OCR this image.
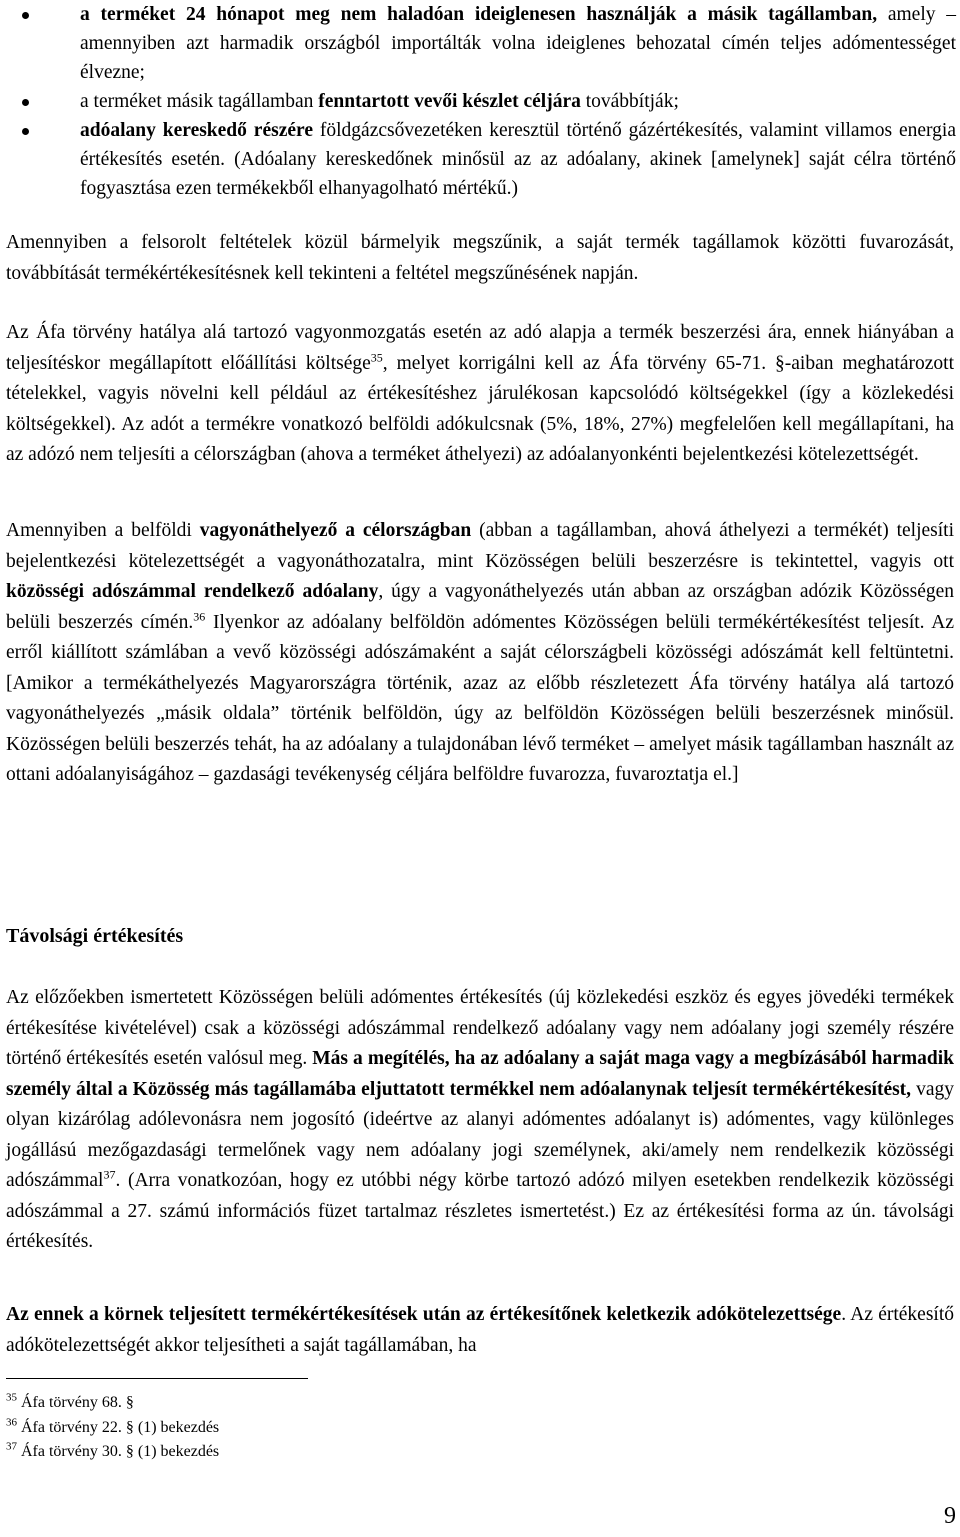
a terméket 24 hónapot meg nem haladóan ideiglenesen használják a másik tagállamban, amely – amennyiben azt harmadik országból importálták volna ideiglenes behozatal címén teljes adómentességet élvezne;
a terméket másik tagállamban fenntartott vevői készlet céljára továbbítják;
adóalany kereskedő részére földgázcsővezetéken keresztül történő gázértékesítés, valamint villamos energia értékesítés esetén. (Adóalany kereskedőnek minősül az az adóalany, akinek [amelynek] saját célra történő fogyasztása ezen termékekből elhanyagolható mértékű.)

Amennyiben a felsorolt feltételek közül bármelyik megszűnik, a saját termék tagállamok közötti fuvarozását, továbbítását termékértékesítésnek kell tekinteni a feltétel megszűnésének napján.

Az Áfa törvény hatálya alá tartozó vagyonmozgatás esetén az adó alapja a termék beszerzési ára, ennek hiányában a teljesítéskor megállapított előállítási költsége$^{35}$, melyet korrigálni kell az Áfa törvény 65-71. §-aiban meghatározott tételekkel, vagyis növelni kell például az értékesítéshez járulékosan kapcsolódó költségekkel (így a közlekedési költségekkel). Az adót a termékre vonatkozó belföldi adókulcsnak (5%, 18%, 27%) megfelelően kell megállapítani, ha az adózó nem teljesíti a célországban (ahova a terméket áthelyezi) az adóalanyonkénti bejelentkezési kötelezettségét.

Amennyiben a belföldi vagyonáthelyező a célországban (abban a tagállamban, ahová áthelyezi a termékét) teljesíti bejelentkezési kötelezettségét a vagyonáthozatalra, mint Közösségen belüli beszerzésre is tekintettel, vagyis ott közösségi adószámmal rendelkező adóalany, úgy a vagyonáthelyezés után abban az országban adózik Közösségen belüli beszerzés címén.$^{36}$ Ilyenkor az adóalany belföldön adómentes Közösségen belüli termékértékesítést teljesít. Az erről kiállított számlában a vevő közösségi adószámaként a saját célországbeli közösségi adószámát kell feltüntetni. [Amikor a termékáthelyezés Magyarországra történik, azaz az előbb részletezett Áfa törvény hatálya alá tartozó vagyonáthelyezés „másik oldala” történik belföldön, úgy az belföldön Közösségen belüli beszerzésnek minősül. Közösségen belüli beszerzés tehát, ha az adóalany a tulajdonában lévő terméket – amelyet másik tagállamban használt az ottani adóalanyiságához – gazdasági tevékenység céljára belföldre fuvarozza, fuvaroztatja el.]

Távolsági értékesítés

Az előzőekben ismertetett Közösségen belüli adómentes értékesítés (új közlekedési eszköz és egyes jövedéki termékek értékesítése kivételével) csak a közösségi adószámmal rendelkező adóalany vagy nem adóalany jogi személy részére történő értékesítés esetén valósul meg. Más a megítélés, ha az adóalany a saját maga vagy a megbízásából harmadik személy által a Közösség más tagállamába eljuttatott termékkel nem adóalanynak teljesít termékértékesítést, vagy olyan kizárólag adólevonásra nem jogosító (ideértve az alanyi adómentes adóalanyt is) adómentes, vagy különleges jogállású mezőgazdasági termelőnek vagy nem adóalany jogi személynek, aki/amely nem rendelkezik közösségi adószámmal$^{37}$. (Arra vonatkozóan, hogy ez utóbbi négy körbe tartozó adózó milyen esetekben rendelkezik közösségi adószámmal a 27. számú információs füzet tartalmaz részletes ismertetést.) Ez az értékesítési forma az ún. távolsági értékesítés.

Az ennek a körnek teljesített termékértékesítések után az értékesítőnek keletkezik adókötelezettsége. Az értékesítő adókötelezettségét akkor teljesítheti a saját tagállamában, ha

$^{35}$ Áfa törvény 68. §
$^{36}$ Áfa törvény 22. § (1) bekezdés
$^{37}$ Áfa törvény 30. § (1) bekezdés
9
